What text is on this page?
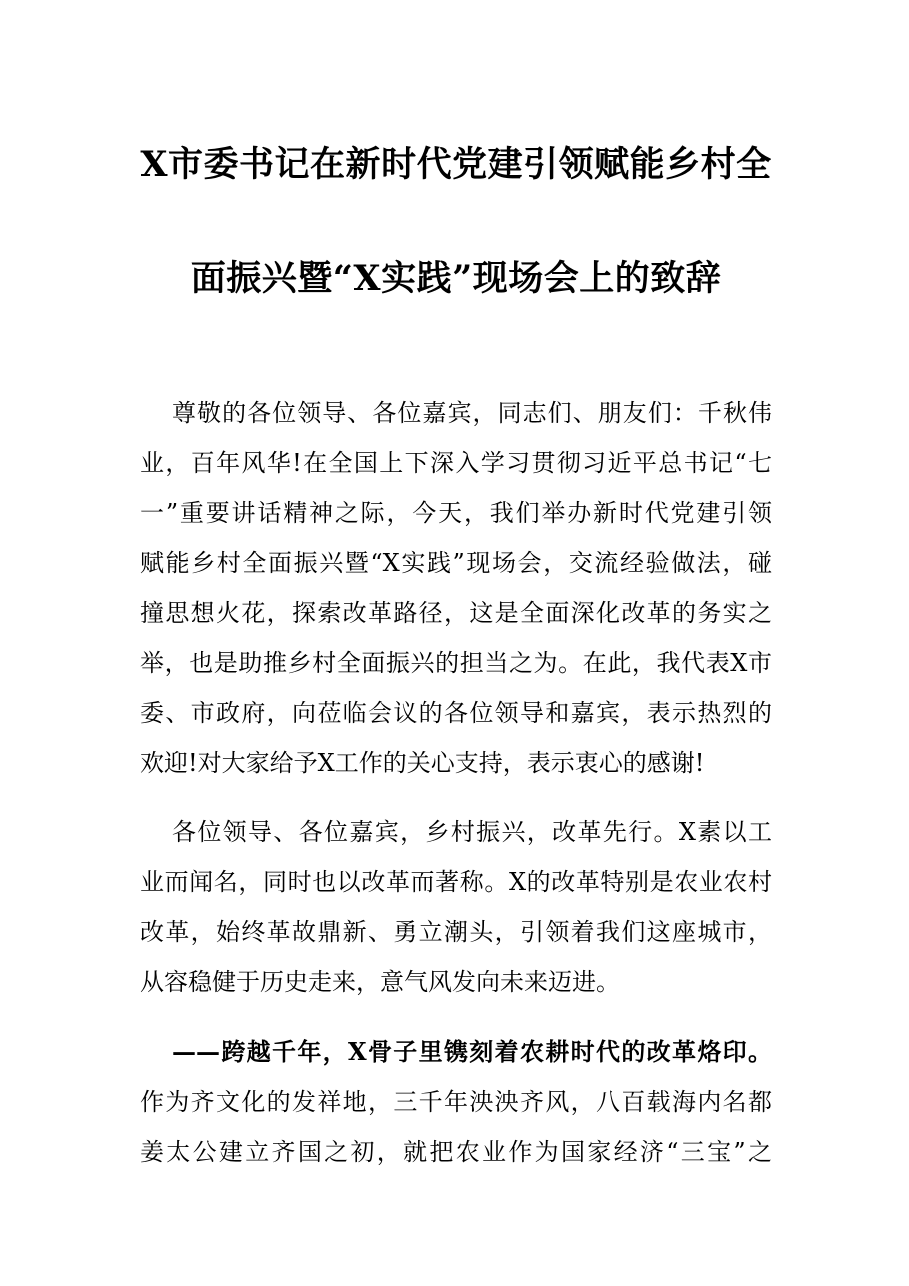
X市委书记在新时代党建引领赋能乡村全
面振兴暨“X实践”现场会上的致辞
尊敬的各位领导、各位嘉宾，同志们、朋友们：千秋伟
业，百年风华!在全国上下深入学习贯彻习近平总书记“七
一”重要讲话精神之际，今天，我们举办新时代党建引领
赋能乡村全面振兴暨“X实践”现场会，交流经验做法，碰
撞思想火花，探索改革路径，这是全面深化改革的务实之
举，也是助推乡村全面振兴的担当之为。在此，我代表X市
委、市政府，向莅临会议的各位领导和嘉宾，表示热烈的
欢迎!对大家给予X工作的关心支持，表示衷心的感谢!
各位领导、各位嘉宾，乡村振兴，改革先行。X素以工
业而闻名，同时也以改革而著称。X的改革特别是农业农村
改革，始终革故鼎新、勇立潮头，引领着我们这座城市，
从容稳健于历史走来，意气风发向未来迈进。
——跨越千年，X骨子里镌刻着农耕时代的改革烙印。
作为齐文化的发祥地，三千年泱泱齐风，八百载海内名都
姜太公建立齐国之初，就把农业作为国家经济“三宝”之
